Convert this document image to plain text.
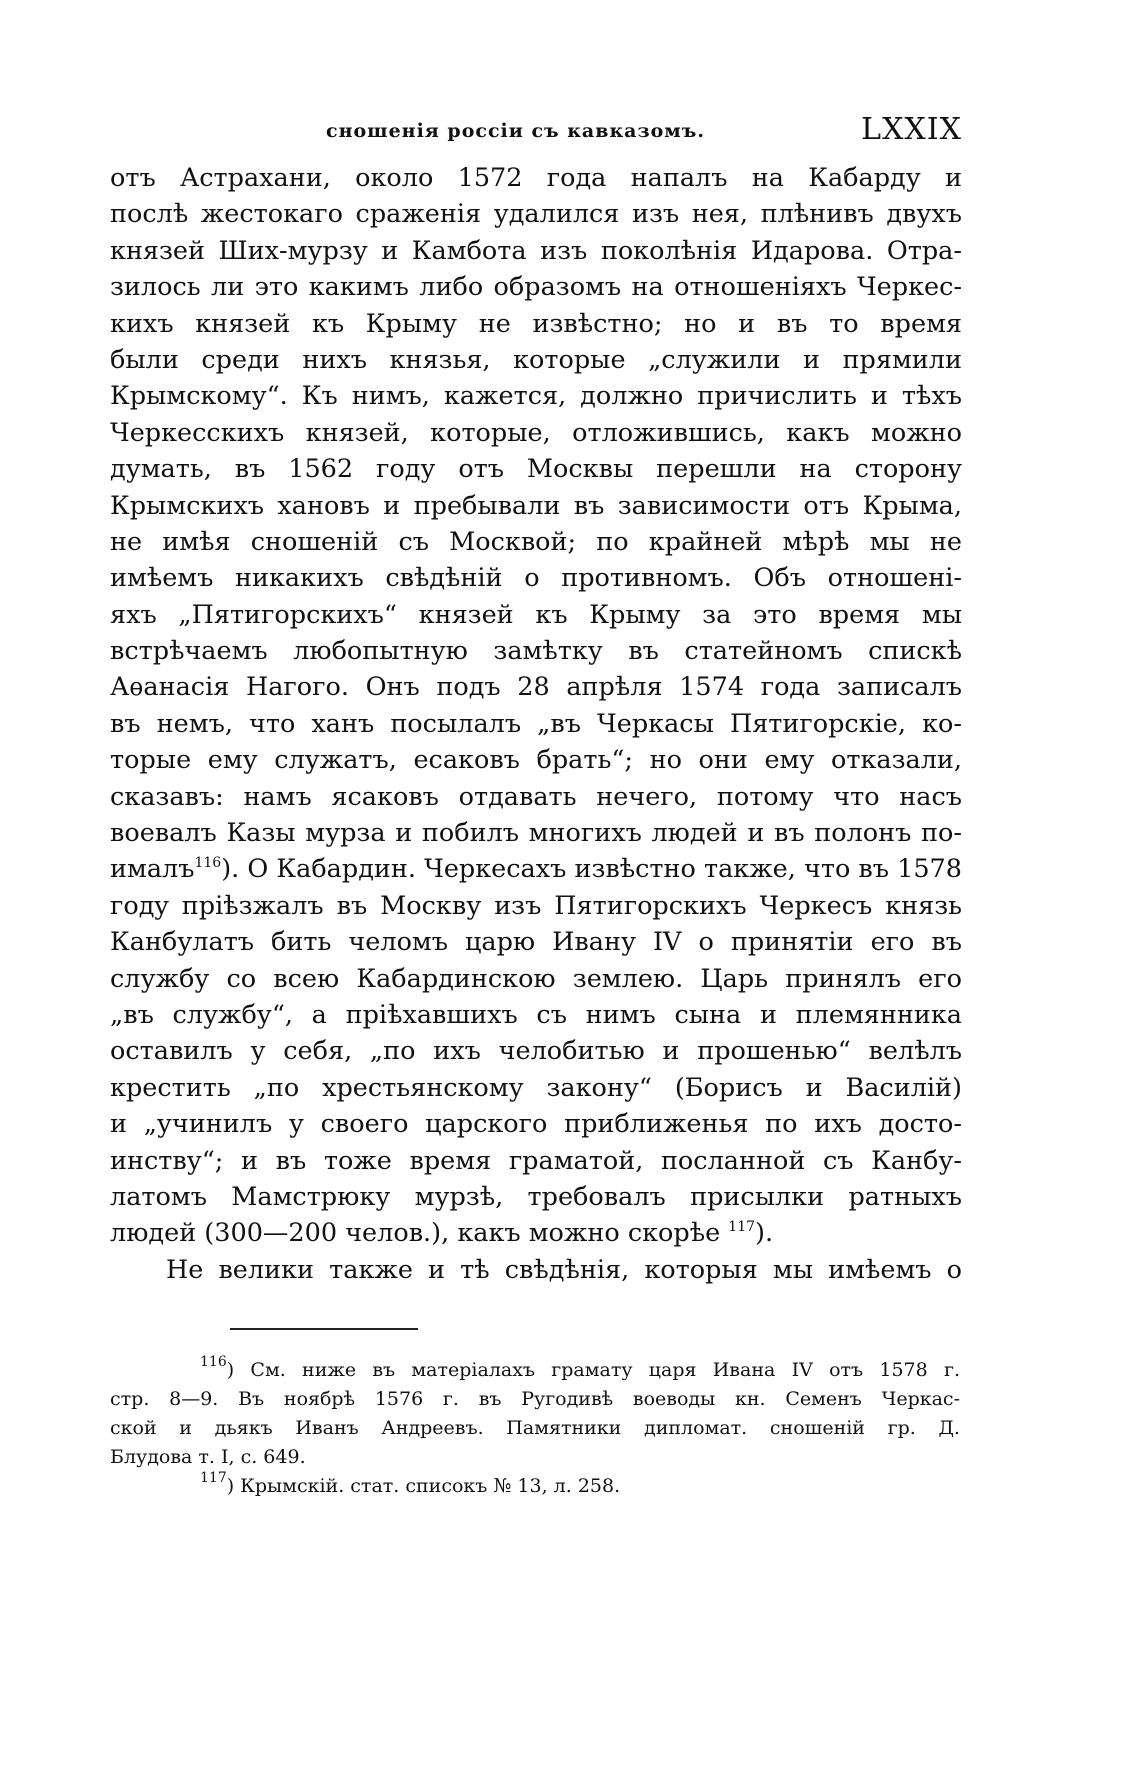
сношенія россіи съ кавказомъ.	LXXIX
отъ Астрахани, около 1572 года напалъ на Кабарду и
послѣ жестокаго сраженія удалился изъ нея, плѣнивъ двухъ
князей Ших-мурзу и Камбота изъ поколѣнія Идарова. Отра-
зилось ли это какимъ либо образомъ на отношеніяхъ Черкес-
кихъ князей къ Крыму не извѣстно; но и въ то время
были среди нихъ князья, которые „служили и прямили
Крымскому“. Къ нимъ, кажется, должно причислить и тѣхъ
Черкесскихъ князей, которые, отложившись, какъ можно
думать, въ 1562 году отъ Москвы перешли на сторону
Крымскихъ хановъ и пребывали въ зависимости отъ Крыма,
не имѣя сношеній съ Москвой; по крайней мѣрѣ мы не
имѣемъ никакихъ свѣдѣній о противномъ. Объ отношені-
яхъ „Пятигорскихъ“ князей къ Крыму за это время мы
встрѣчаемъ любопытную замѣтку въ статейномъ спискѣ
Аѳанасія Нагого. Онъ подъ 28 апрѣля 1574 года записалъ
въ немъ, что ханъ посылалъ „въ Черкасы Пятигорскіе, ко-
торые ему служатъ, есаковъ брать“; но они ему отказали,
сказавъ: намъ ясаковъ отдавать нечего, потому что насъ
воевалъ Казы мурза и побилъ многихъ людей и въ полонъ по-
ималъ$^{116}$). О Кабардин. Черкесахъ извѣстно также, что въ 1578
годy пріѣзжалъ въ Москву изъ Пятигорскихъ Черкесъ князь
Канбулатъ бить челомъ царю Ивану IV о принятіи его въ
службу со всею Кабардинскою землею. Царь принялъ его
„въ службу“, а пріѣхавшихъ съ нимъ сына и племянника
оставилъ у себя, „по ихъ челобитью и прошенью“ велѣлъ
крестить „по хрестьянскому закону“ (Борисъ и Василій)
и „учинилъ у своего царского приближенья по ихъ досто-
инству“; и въ тоже время граматой, посланной съ Канбу-
латомъ Мамстрюку мурзѣ, требовалъ присылки ратныхъ
людей (300—200 челов.), какъ можно скорѣе $^{117}$).
Не велики также и тѣ свѣдѣнія, которыя мы имѣемъ о
$^{116}$) См. ниже въ матеріалахъ грамату царя Ивана IV отъ 1578 г.
стр. 8—9. Въ ноябрѣ 1576 г. въ Ругодивѣ воеводы кн. Семенъ Черкас-
ской и дьякъ Иванъ Андреевъ. Памятники дипломат. сношеній гр. Д.
Блудова т. I, с. 649.
$^{117}$) Крымскій. стат. списокъ № 13, л. 258.
